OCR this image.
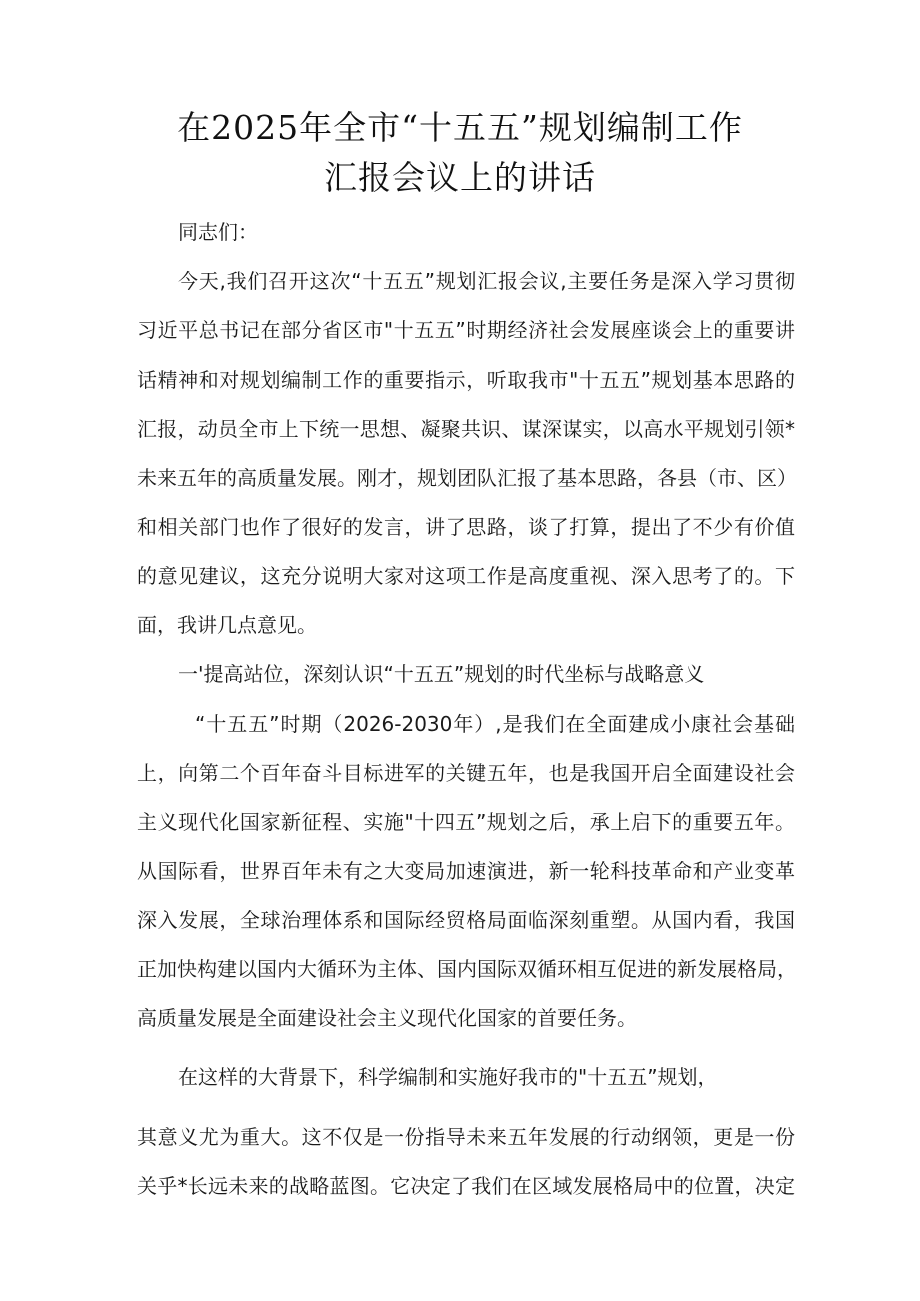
在2025年全市“十五五”规划编制工作
汇报会议上的讲话
同志们：
今天,我们召开这次“十五五”规划汇报会议,主要任务是深入学习贯彻
习近平总书记在部分省区市"十五五”时期经济社会发展座谈会上的重要讲
话精神和对规划编制工作的重要指示，听取我市"十五五”规划基本思路的
汇报，动员全市上下统一思想、凝聚共识、谋深谋实，以高水平规划引领*
未来五年的高质量发展。刚才，规划团队汇报了基本思路，各县（市、区）
和相关部门也作了很好的发言，讲了思路，谈了打算，提出了不少有价值
的意见建议，这充分说明大家对这项工作是高度重视、深入思考了的。下
面，我讲几点意见。
一'提高站位，深刻认识“十五五”规划的时代坐标与战略意义
“十五五”时期（2026-2030年）,是我们在全面建成小康社会基础
上，向第二个百年奋斗目标进军的关键五年，也是我国开启全面建设社会
主义现代化国家新征程、实施"十四五”规划之后，承上启下的重要五年。
从国际看，世界百年未有之大变局加速演进，新一轮科技革命和产业变革
深入发展，全球治理体系和国际经贸格局面临深刻重塑。从国内看，我国
正加快构建以国内大循环为主体、国内国际双循环相互促进的新发展格局，
高质量发展是全面建设社会主义现代化国家的首要任务。
在这样的大背景下，科学编制和实施好我市的"十五五”规划，
其意义尤为重大。这不仅是一份指导未来五年发展的行动纲领，更是一份
关乎*长远未来的战略蓝图。它决定了我们在区域发展格局中的位置，决定
